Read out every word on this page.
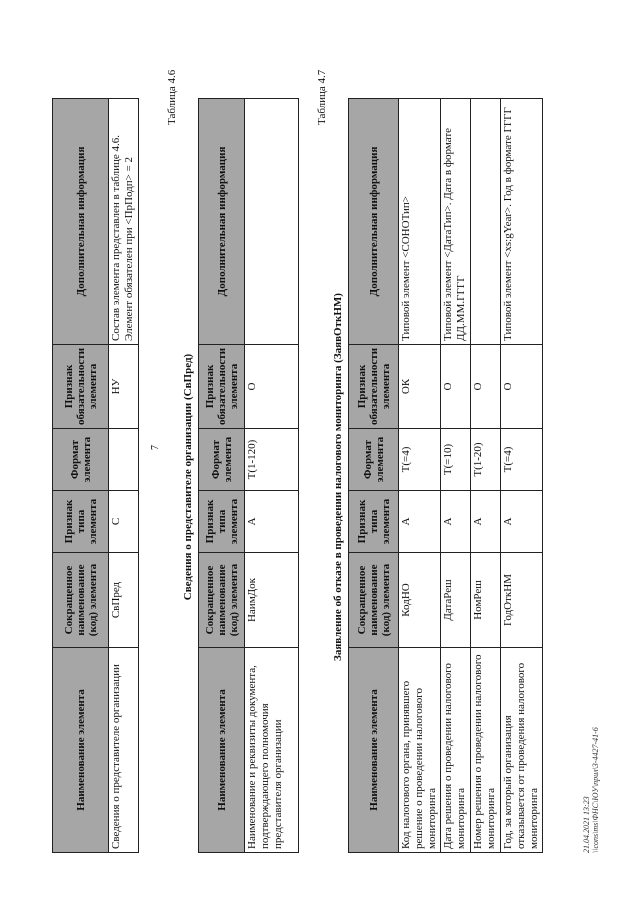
Наименование элемента	Сокращенное наименование (код) элемента	Признак типа элемента	Формат элемента	Признак обязательности элемента	Дополнительная информация
Сведения о представителе организации	СвПред	С		НУ	Состав элемента представлен в таблице 4.6. Элемент обязателен при <ПрПодп> = 2
7
Таблица 4.6
Сведения о представителе организации (СвПред)
Наименование элемента	Сокращенное наименование (код) элемента	Признак типа элемента	Формат элемента	Признак обязательности элемента	Дополнительная информация
Наименование и реквизиты документа, подтверждающего полномочия представителя организации	НаимДок	А	Т(1-120)	О	
Таблица 4.7
Заявление об отказе в проведении налогового мониторинга (ЗаявОткНМ)
Наименование элемента	Сокращенное наименование (код) элемента	Признак типа элемента	Формат элемента	Признак обязательности элемента	Дополнительная информация
Код налогового органа, принявшего решение о проведении налогового мониторинга	КодНО	А	Т(=4)	ОК	Типовой элемент <СОНОТип>
Дата решения о проведении налогового мониторинга	ДатаРеш	А	Т(=10)	О	Типовой элемент <ДатаТип>. Дата в формате ДД.ММ.ГГГГ
Номер решения о проведении налогового мониторинга	НомРеш	А	Т(1-20)	О	
Год, за который организация отказывается от проведения налогового мониторинга	ГодОткНМ	А	Т(=4)	О	Типовой элемент <xs:gYear>. Год в формате ГГГГ
21.04.2021 13:23 \\cons\ms\ФНС\ЮУ\прил\3-4427-41-6
